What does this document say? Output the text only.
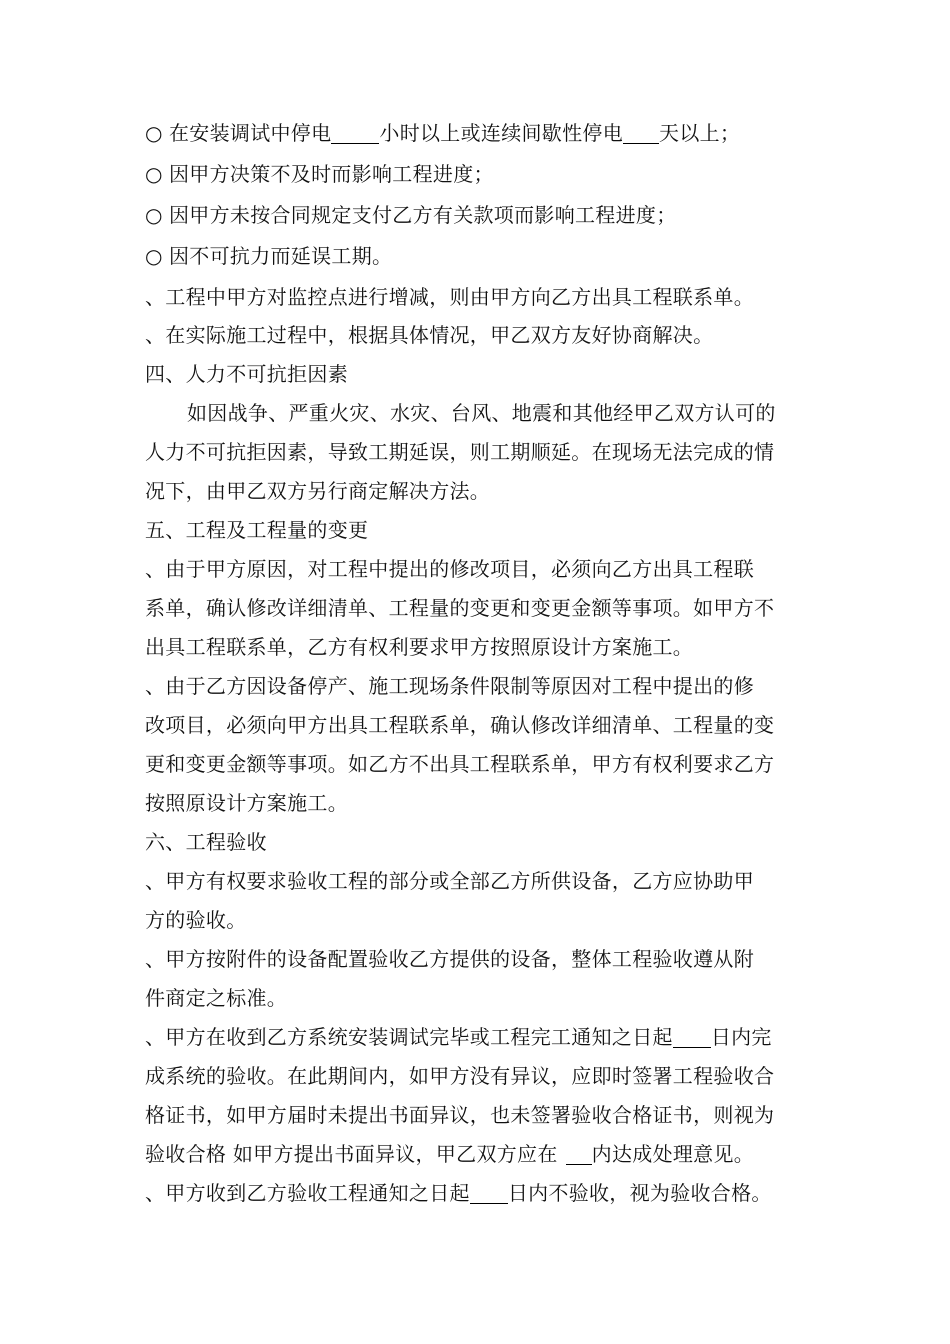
○ 在安装调试中停电 小时以上或连续间歇性停电 天以上；
○ 因甲方决策不及时而影响工程进度；
○ 因甲方未按合同规定支付乙方有关款项而影响工程进度；
○ 因不可抗力而延误工期。
、工程中甲方对监控点进行增减，则由甲方向乙方出具工程联系单。
、在实际施工过程中，根据具体情况，甲乙双方友好协商解决。
四、人力不可抗拒因素
如因战争、严重火灾、水灾、台风、地震和其他经甲乙双方认可的
人力不可抗拒因素，导致工期延误，则工期顺延。在现场无法完成的情
况下，由甲乙双方另行商定解决方法。
五、工程及工程量的变更
、由于甲方原因，对工程中提出的修改项目，必须向乙方出具工程联
系单，确认修改详细清单、工程量的变更和变更金额等事项。如甲方不
出具工程联系单，乙方有权利要求甲方按照原设计方案施工。
、由于乙方因设备停产、施工现场条件限制等原因对工程中提出的修
改项目，必须向甲方出具工程联系单，确认修改详细清单、工程量的变
更和变更金额等事项。如乙方不出具工程联系单，甲方有权利要求乙方
按照原设计方案施工。
六、工程验收
、甲方有权要求验收工程的部分或全部乙方所供设备，乙方应协助甲
方的验收。
、甲方按附件的设备配置验收乙方提供的设备，整体工程验收遵从附
件商定之标准。
、甲方在收到乙方系统安装调试完毕或工程完工通知之日起 日内完
成系统的验收。在此期间内，如甲方没有异议，应即时签署工程验收合
格证书，如甲方届时未提出书面异议，也未签署验收合格证书，则视为
验收合格 如甲方提出书面异议，甲乙双方应在 内达成处理意见。
、甲方收到乙方验收工程通知之日起 日内不验收，视为验收合格。
